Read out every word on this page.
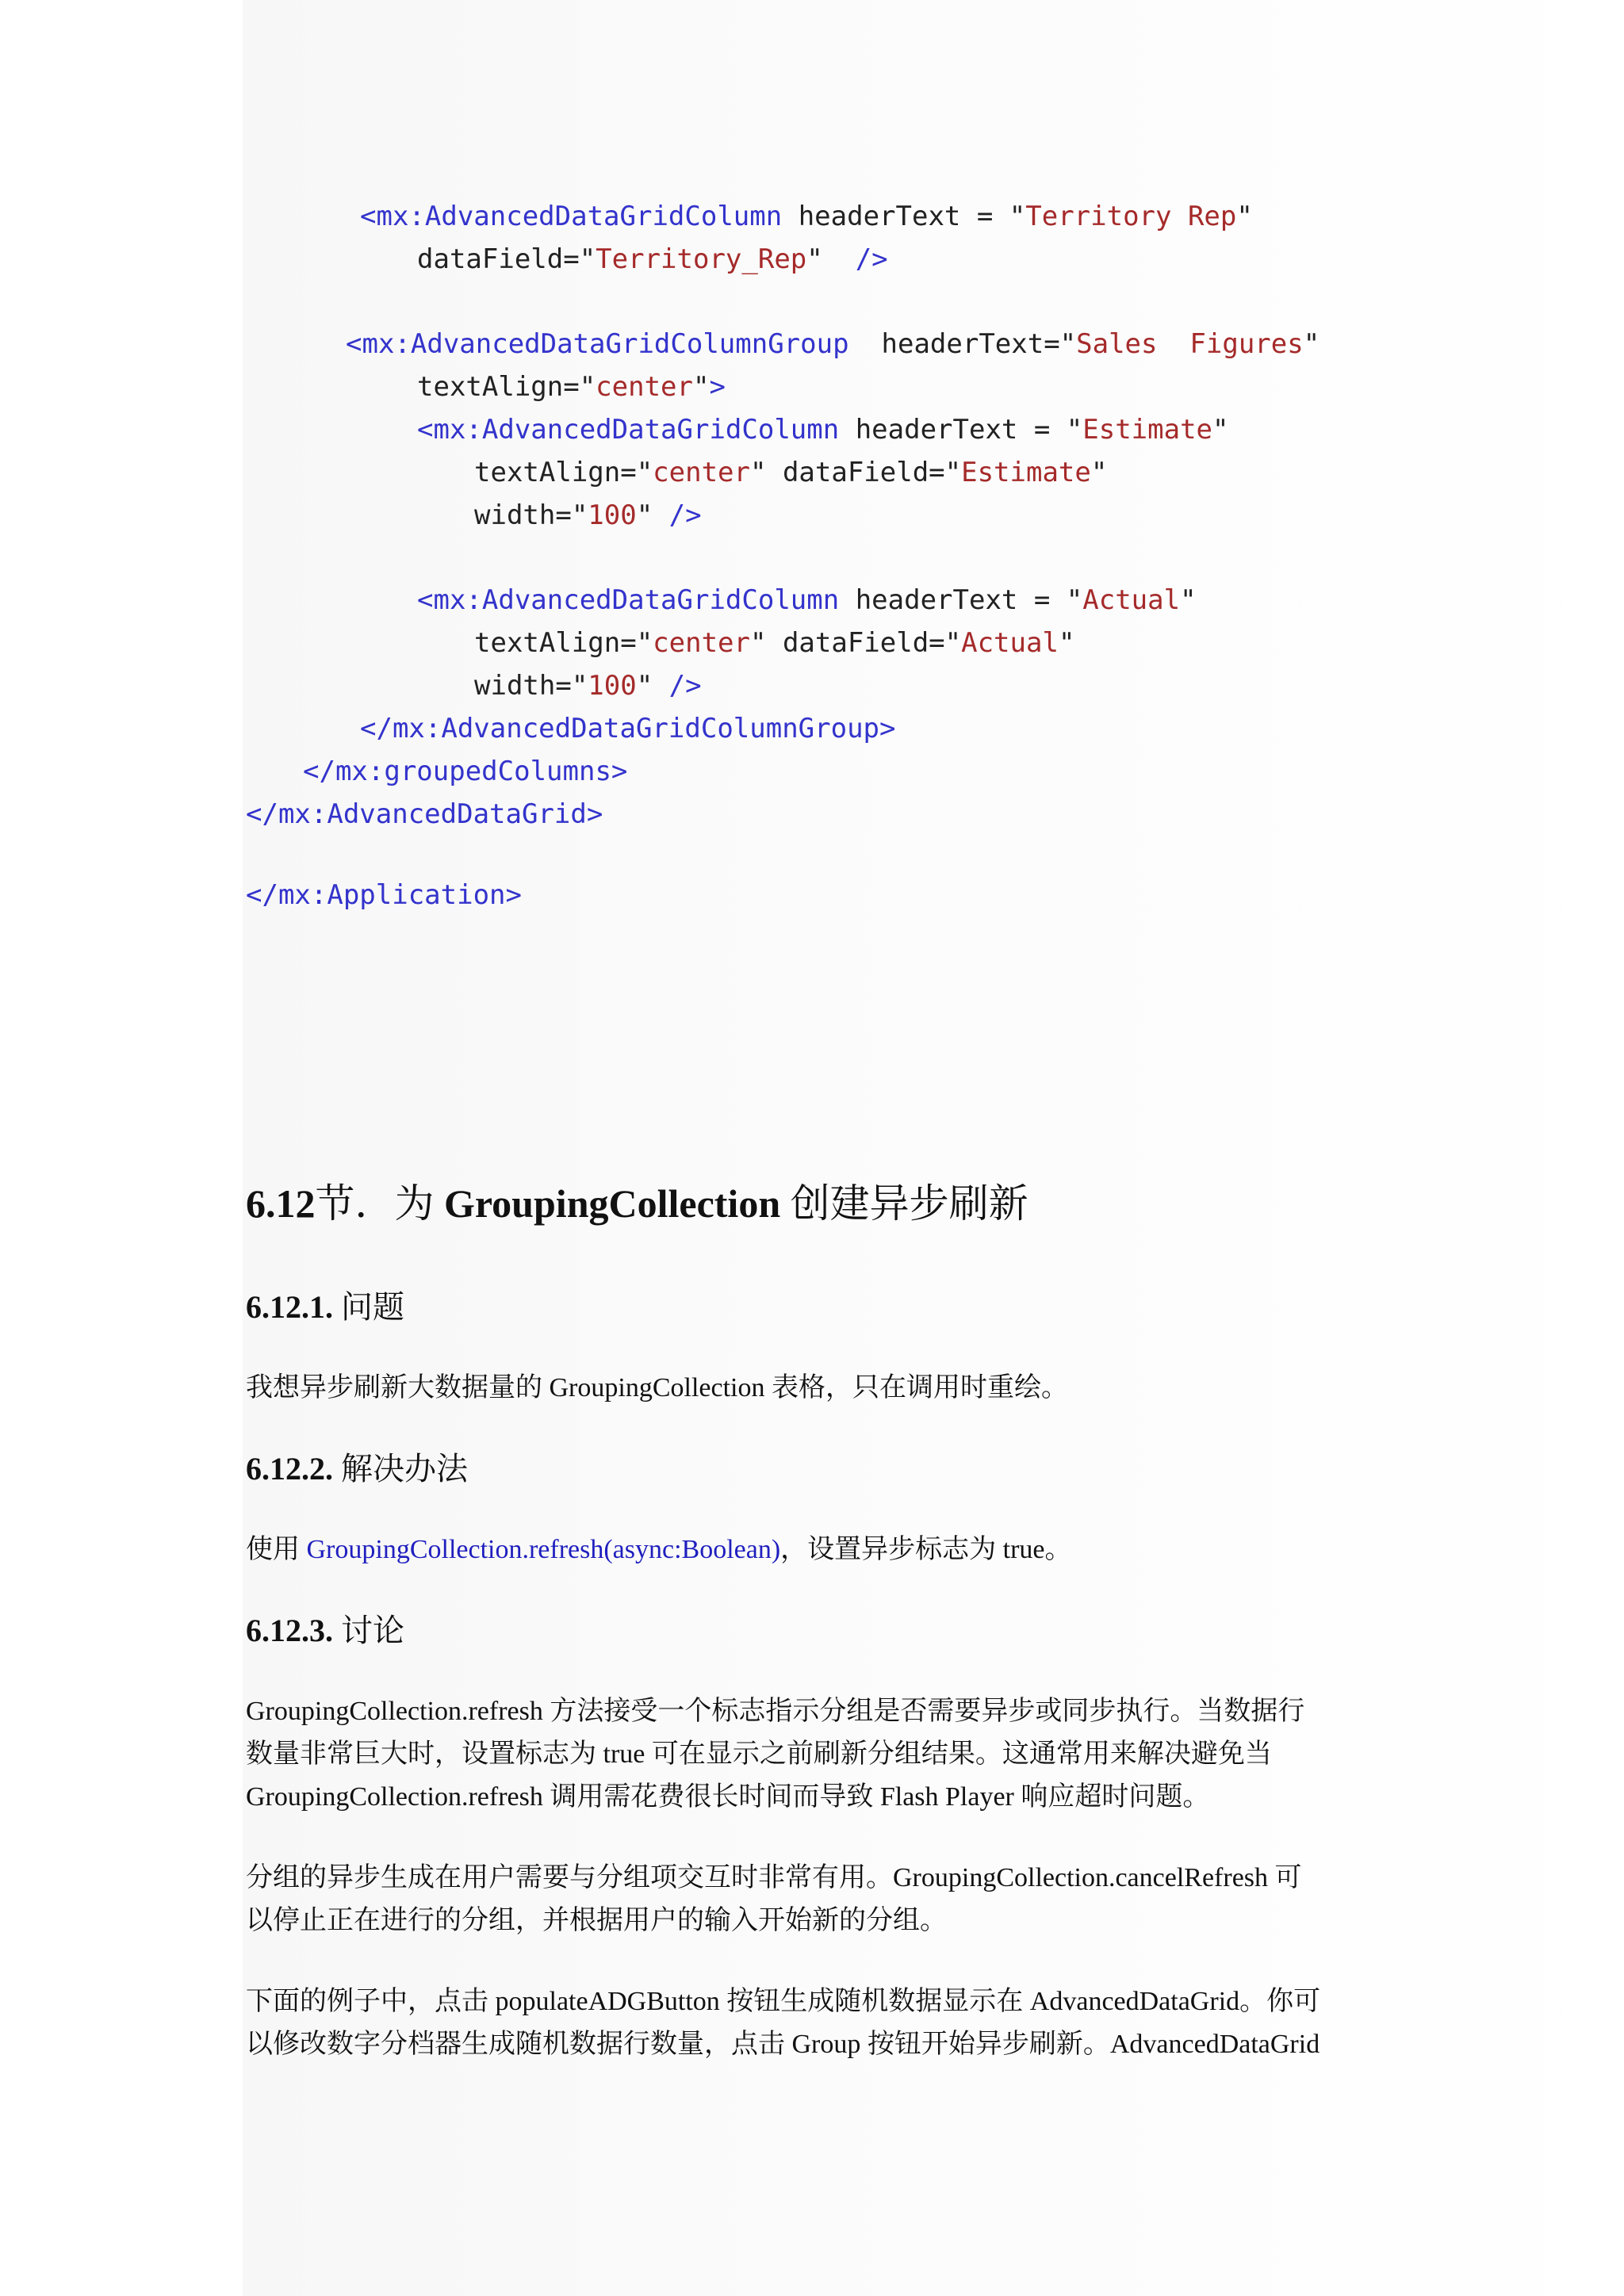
<mx:AdvancedDataGridColumn headerText = "Territory Rep"
dataField="Territory_Rep"  />
<mx:AdvancedDataGridColumnGroup  headerText="Sales  Figures"
textAlign="center">
<mx:AdvancedDataGridColumn headerText = "Estimate"
textAlign="center" dataField="Estimate"
width="100" />
<mx:AdvancedDataGridColumn headerText = "Actual"
textAlign="center" dataField="Actual"
width="100" />
</mx:AdvancedDataGridColumnGroup>
</mx:groupedColumns>
</mx:AdvancedDataGrid>
</mx:Application>
6.12节．为 GroupingCollection 创建异步刷新
6.12.1. 问题
我想异步刷新大数据量的 GroupingCollection 表格，只在调用时重绘。
6.12.2. 解决办法
使用 GroupingCollection.refresh(async:Boolean)，设置异步标志为 true。
6.12.3. 讨论
GroupingCollection.refresh 方法接受一个标志指示分组是否需要异步或同步执行。当数据行
数量非常巨大时，设置标志为 true 可在显示之前刷新分组结果。这通常用来解决避免当
GroupingCollection.refresh 调用需花费很长时间而导致 Flash Player 响应超时问题。
分组的异步生成在用户需要与分组项交互时非常有用。GroupingCollection.cancelRefresh 可
以停止正在进行的分组，并根据用户的输入开始新的分组。
下面的例子中，点击 populateADGButton 按钮生成随机数据显示在 AdvancedDataGrid。你可
以修改数字分档器生成随机数据行数量，点击 Group 按钮开始异步刷新。AdvancedDataGrid
